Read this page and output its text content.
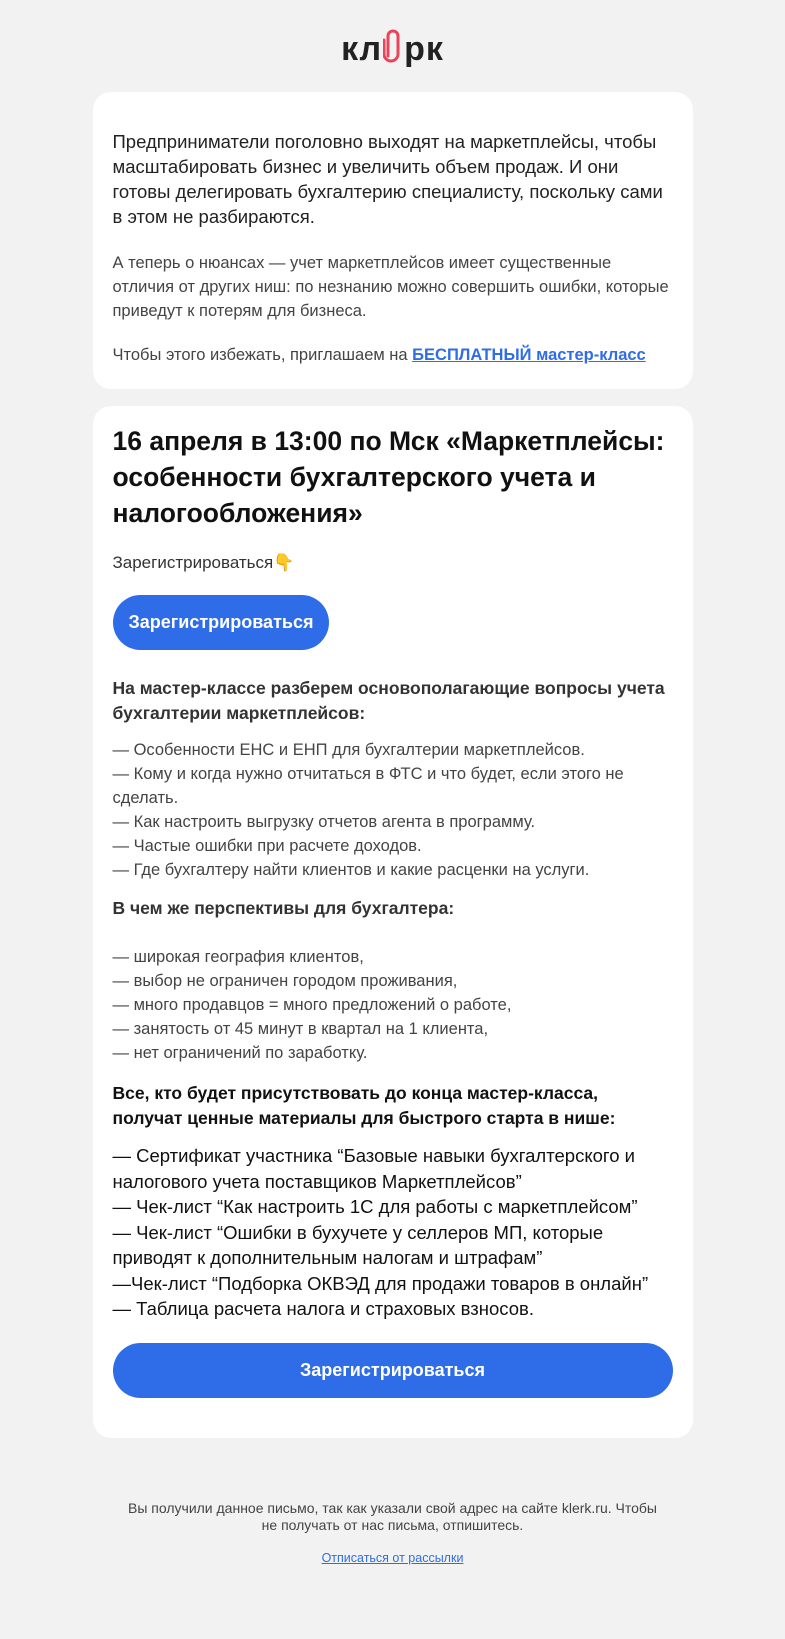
кл рк

Предприниматели поголовно выходят на маркетплейсы, чтобы масштабировать бизнес и увеличить объем продаж. И они готовы делегировать бухгалтерию специалисту, поскольку сами в этом не разбираются.

А теперь о нюансах — учет маркетплейсов имеет существенные отличия от других ниш: по незнанию можно совершить ошибки, которые приведут к потерям для бизнеса.

Чтобы этого избежать, приглашаем на БЕСПЛАТНЫЙ мастер-класс

16 апреля в 13:00 по Мск «Маркетплейсы: особенности бухгалтерского учета и налогообложения»
Зарегистрироваться👇
Зарегистрироваться
На мастер-классе разберем основополагающие вопросы учета бухгалтерии маркетплейсов:
— Особенности ЕНС и ЕНП для бухгалтерии маркетплейсов.
— Кому и когда нужно отчитаться в ФТС и что будет, если этого не сделать.
— Как настроить выгрузку отчетов агента в программу.
— Частые ошибки при расчете доходов.
— Где бухгалтеру найти клиентов и какие расценки на услуги.
В чем же перспективы для бухгалтера:
— широкая география клиентов,
— выбор не ограничен городом проживания,
— много продавцов = много предложений о работе,
— занятость от 45 минут в квартал на 1 клиента,
— нет ограничений по заработку.
Все, кто будет присутствовать до конца мастер-класса, получат ценные материалы для быстрого старта в нише:
— Сертификат участника “Базовые навыки бухгалтерского и налогового учета поставщиков Маркетплейсов”
— Чек-лист “Как настроить 1С для работы с маркетплейсом”
— Чек-лист “Ошибки в бухучете у селлеров МП, которые приводят к дополнительным налогам и штрафам”
—Чек-лист “Подборка ОКВЭД для продажи товаров в онлайн”
— Таблица расчета налога и страховых взносов.
Зарегистрироваться
Вы получили данное письмо, так как указали свой адрес на сайте klerk.ru. Чтобы не получать от нас письма, отпишитесь.
Отписаться от рассылки
